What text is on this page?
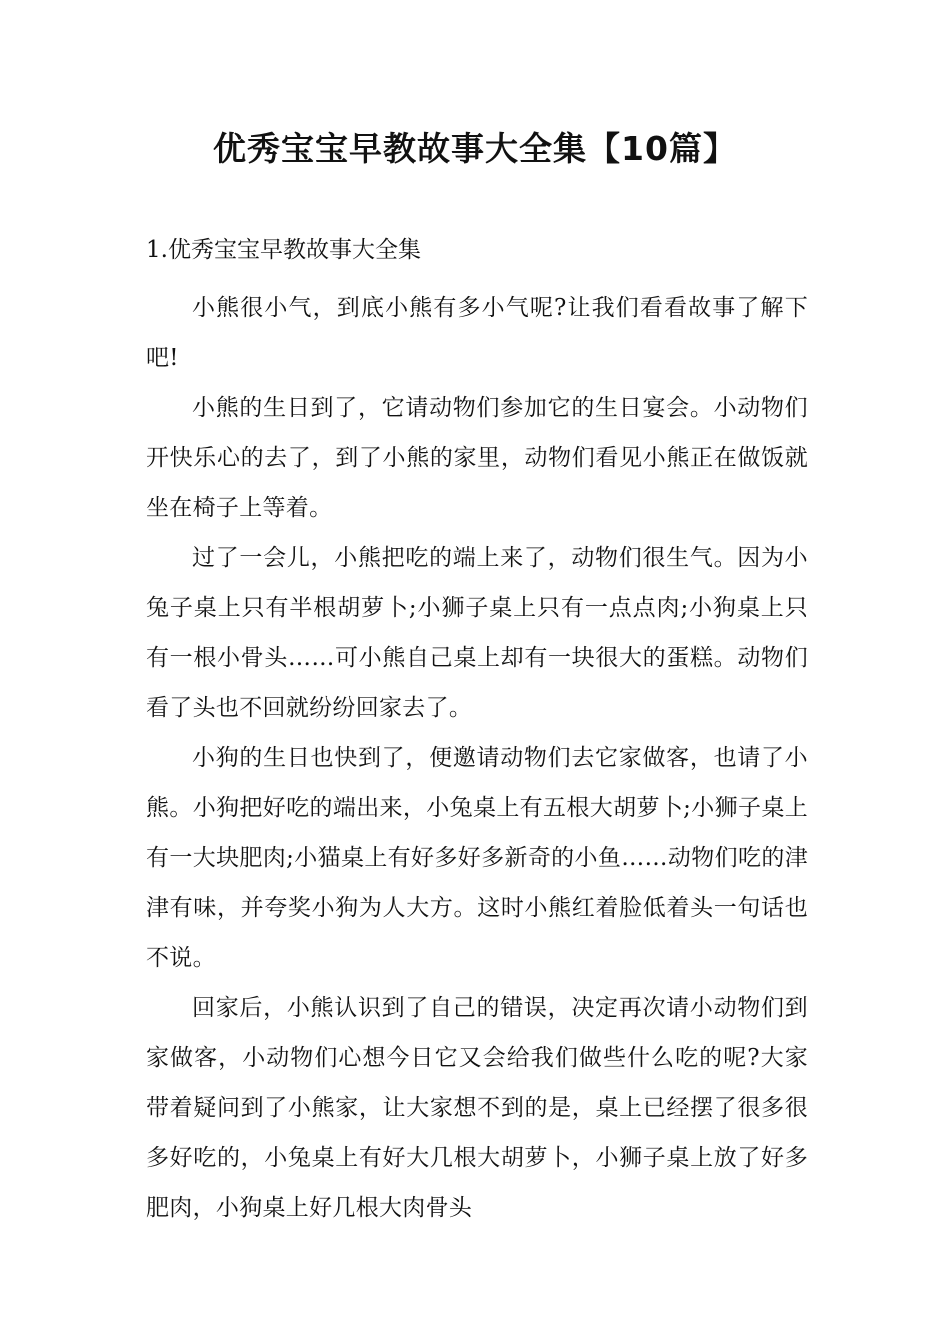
优秀宝宝早教故事大全集【10篇】

1.优秀宝宝早教故事大全集

小熊很小气，到底小熊有多小气呢?让我们看看故事了解下吧!

小熊的生日到了，它请动物们参加它的生日宴会。小动物们开快乐心的去了，到了小熊的家里，动物们看见小熊正在做饭就坐在椅子上等着。

过了一会儿，小熊把吃的端上来了，动物们很生气。因为小兔子桌上只有半根胡萝卜;小狮子桌上只有一点点肉;小狗桌上只有一根小骨头……可小熊自己桌上却有一块很大的蛋糕。动物们看了头也不回就纷纷回家去了。

小狗的生日也快到了，便邀请动物们去它家做客，也请了小熊。小狗把好吃的端出来，小兔桌上有五根大胡萝卜;小狮子桌上有一大块肥肉;小猫桌上有好多好多新奇的小鱼……动物们吃的津津有味，并夸奖小狗为人大方。这时小熊红着脸低着头一句话也不说。

回家后，小熊认识到了自己的错误，决定再次请小动物们到家做客，小动物们心想今日它又会给我们做些什么吃的呢?大家带着疑问到了小熊家，让大家想不到的是，桌上已经摆了很多很多好吃的，小兔桌上有好大几根大胡萝卜，小狮子桌上放了好多肥肉，小狗桌上好几根大肉骨头
